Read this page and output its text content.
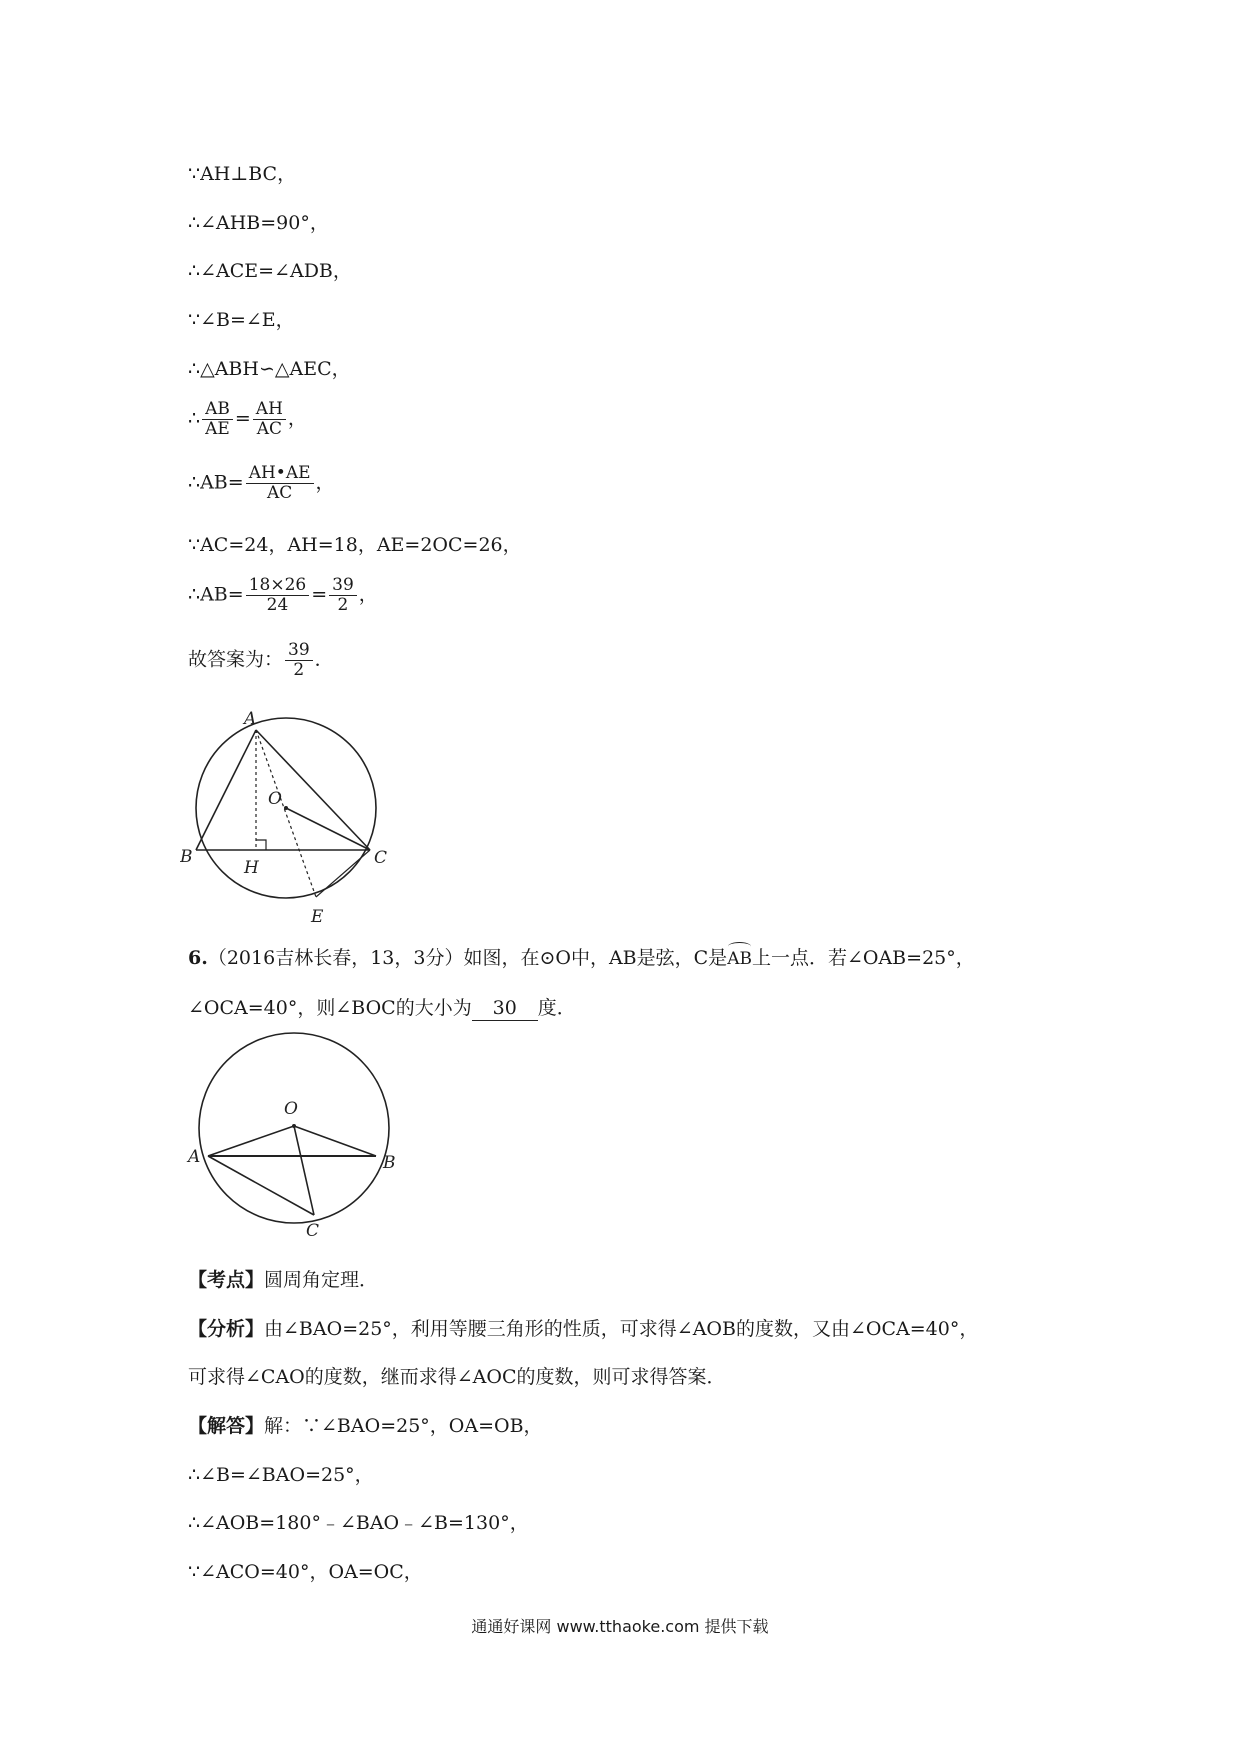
∵AH⊥BC，
∴∠AHB=90°，
∴∠ACE=∠ADB，
∵∠B=∠E，
∴△ABH∽△AEC，
∴ $\frac{AB}{AE} = \frac{AH}{AC}$ ，
∴AB= $\frac{AH•AE}{AC}$ ，
∵AC=24，AH=18，AE=2OC=26，
∴AB= $\frac{18\times 26}{24} = \frac{39}{2}$ ，
故答案为： $\frac{39}{2}$ ．
A
B	C
O
H
E
6.（2016吉林长春，13，3分）如图，在⊙O中，AB是弦，C是AB上一点．若∠OAB=25°，
∠OCA=40°，则∠BOC的大小为 30 度．
O
A	B
C
【考点】圆周角定理．
【分析】由∠BAO=25°，利用等腰三角形的性质，可求得∠AOB的度数，又由∠OCA=40°，
可求得∠CAO的度数，继而求得∠AOC的度数，则可求得答案．
【解答】解：∵∠BAO=25°，OA=OB，
∴∠B=∠BAO=25°，
∴∠AOB=180°﹣∠BAO﹣∠B=130°，
∵∠ACO=40°，OA=OC，
通通好课网 www.tthaoke.com 提供下载
